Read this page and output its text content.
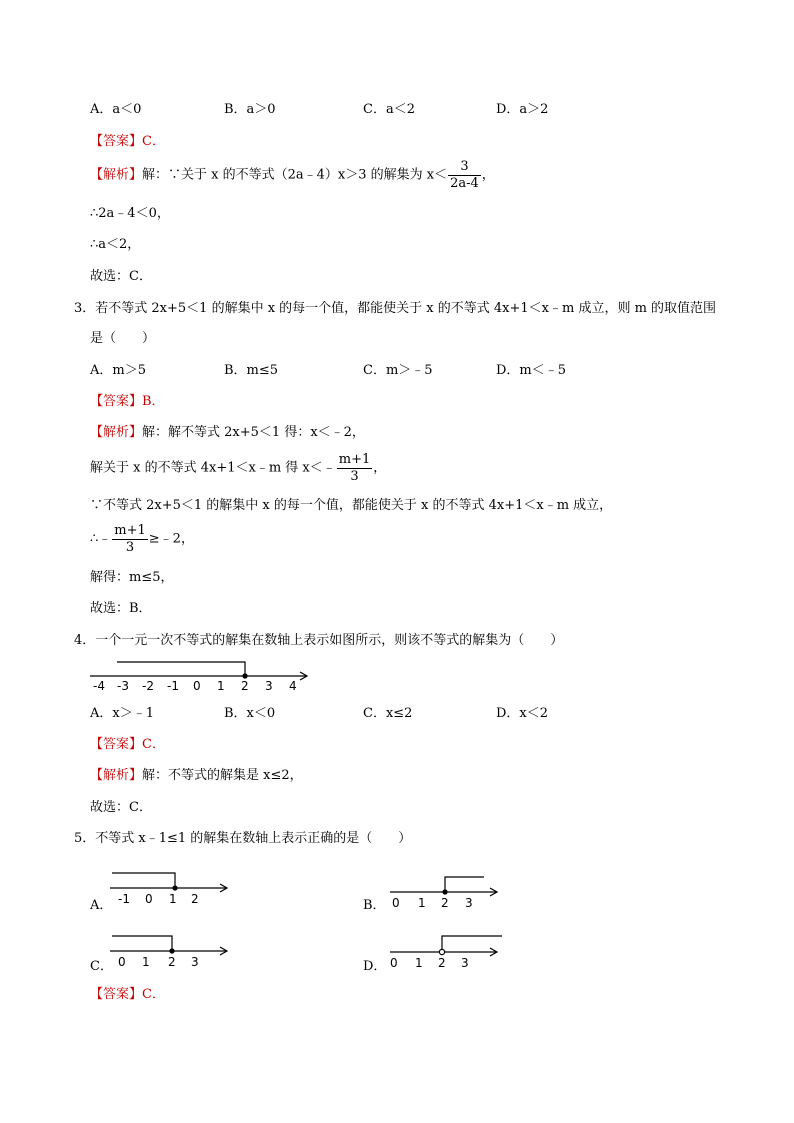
A．a＜0	B．a＞0	C．a＜2	D．a＞2
【答案】C．
【解析】解：∵关于 x 的不等式（2a﹣4）x＞3 的解集为 $x< \frac{3}{2a-4}$ ，
∴2a﹣4＜0，
∴a＜2，
故选：C．
3．若不等式 2x+5＜1 的解集中 x 的每一个值，都能使关于 x 的不等式 4x+1＜x﹣m 成立，则 m 的取值范围
是（　　）
A．m＞5	B．m≤5	C．m＞﹣5	D．m＜﹣5
【答案】B．
【解析】解：解不等式 2x+5＜1 得：x＜﹣2，
解关于 x 的不等式 4x+1＜x﹣m 得 x＜﹣ $\frac{m+1}{3}$ ，
∵不等式 2x+5＜1 的解集中 x 的每一个值，都能使关于 x 的不等式 4x+1＜x﹣m 成立，
∴﹣ $\frac{m+1}{3}$ ≥﹣2，
解得：m≤5，
故选：B．
4．一个一元一次不等式的解集在数轴上表示如图所示，则该不等式的解集为（　　）
-4 -3 -2 -1 0 1 2 3 4
A．x＞﹣1	B．x＜0	C．x≤2	D．x＜2
【答案】C．
【解析】解：不等式的解集是 x≤2，
故选：C．
5．不等式 x﹣1≤1 的解集在数轴上表示正确的是（　　）
A． -1 0 1 2	B． 0 1 2 3
C． 0 1 2 3	D． 0 1 2 3
【答案】C．
